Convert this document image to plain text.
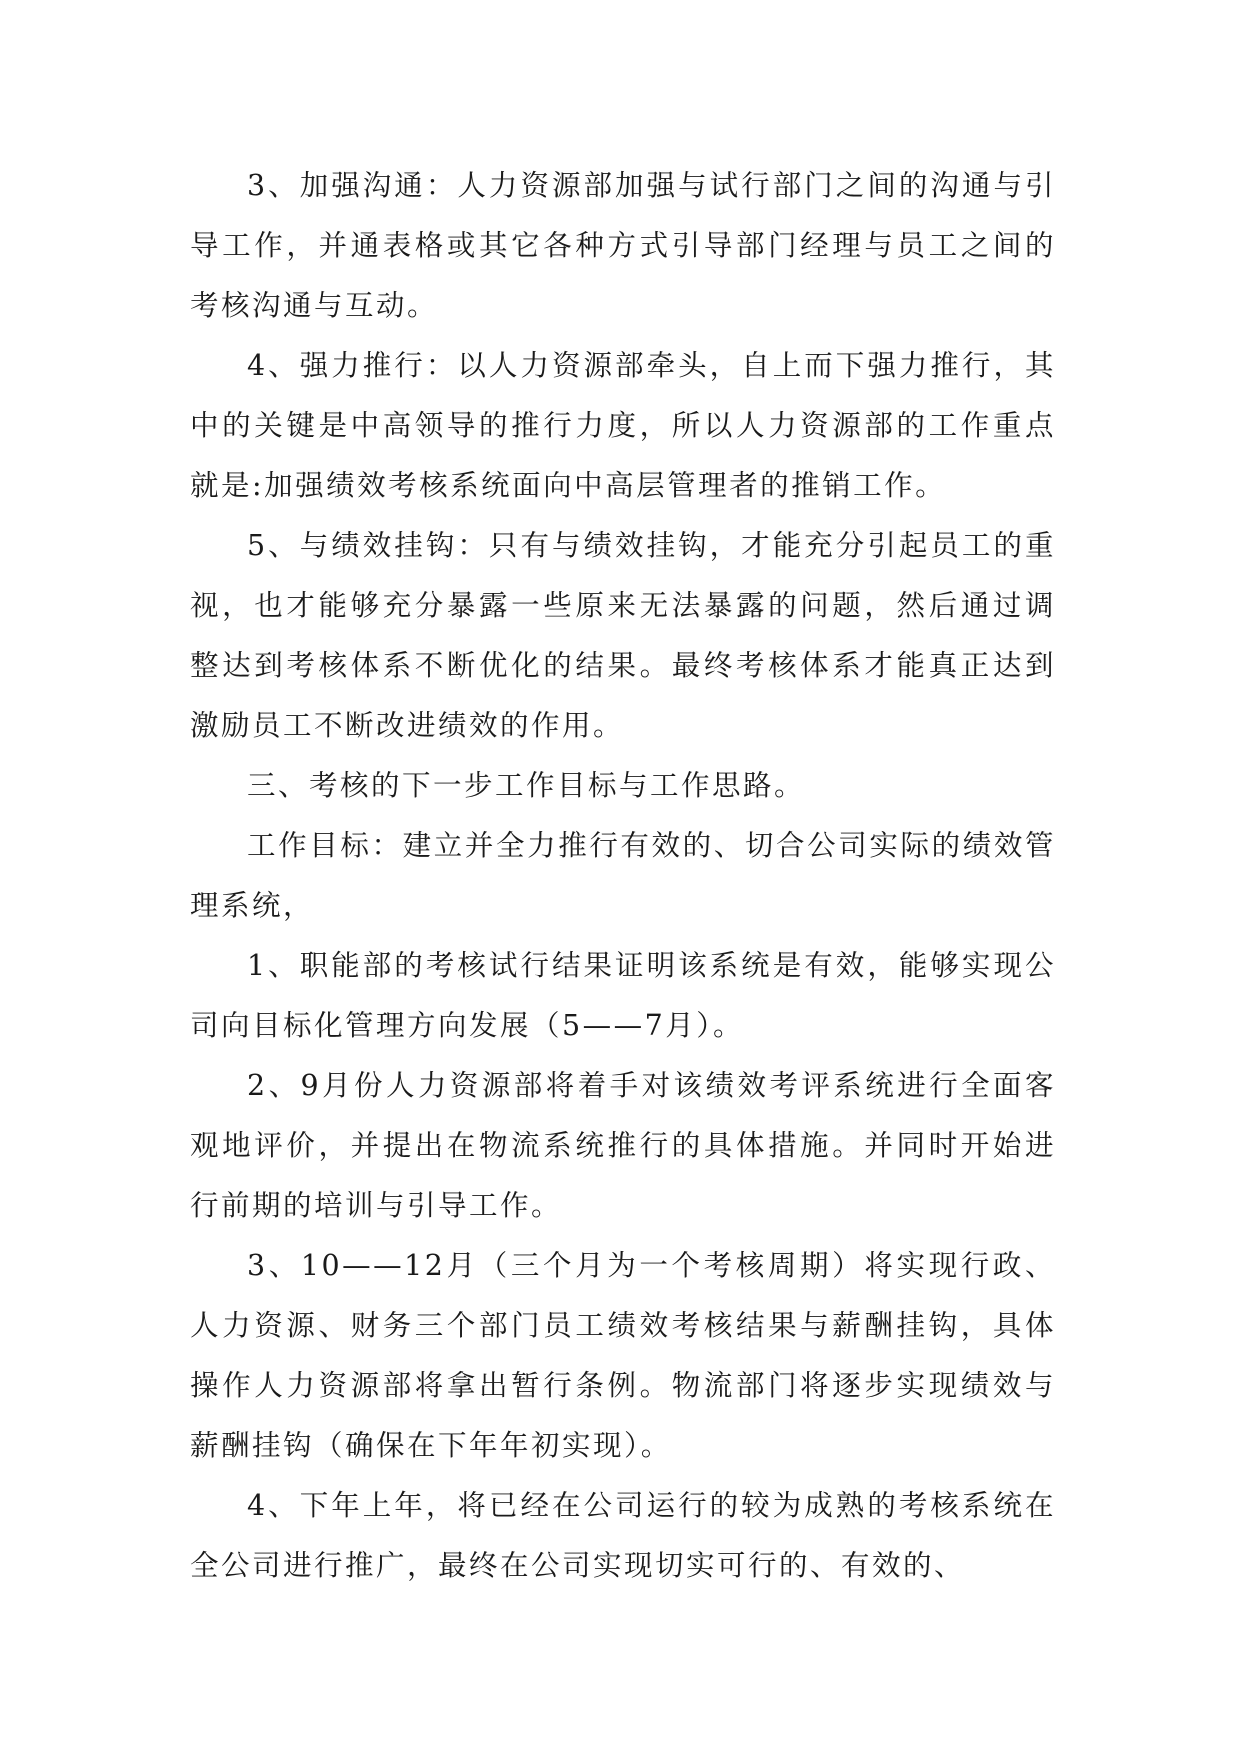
3、加强沟通：人力资源部加强与试行部门之间的沟通与引导工作，并通表格或其它各种方式引导部门经理与员工之间的考核沟通与互动。

4、强力推行：以人力资源部牵头，自上而下强力推行，其中的关键是中高领导的推行力度，所以人力资源部的工作重点就是:加强绩效考核系统面向中高层管理者的推销工作。

5、与绩效挂钩：只有与绩效挂钩，才能充分引起员工的重视，也才能够充分暴露一些原来无法暴露的问题，然后通过调整达到考核体系不断优化的结果。最终考核体系才能真正达到激励员工不断改进绩效的作用。

三、考核的下一步工作目标与工作思路。

工作目标：建立并全力推行有效的、切合公司实际的绩效管理系统，

1、职能部的考核试行结果证明该系统是有效，能够实现公司向目标化管理方向发展（5——7月）。

2、9月份人力资源部将着手对该绩效考评系统进行全面客观地评价，并提出在物流系统推行的具体措施。并同时开始进行前期的培训与引导工作。

3、10——12月（三个月为一个考核周期）将实现行政、人力资源、财务三个部门员工绩效考核结果与薪酬挂钩，具体操作人力资源部将拿出暂行条例。物流部门将逐步实现绩效与薪酬挂钩（确保在下年年初实现）。

4、下年上年，将已经在公司运行的较为成熟的考核系统在全公司进行推广，最终在公司实现切实可行的、有效的、
